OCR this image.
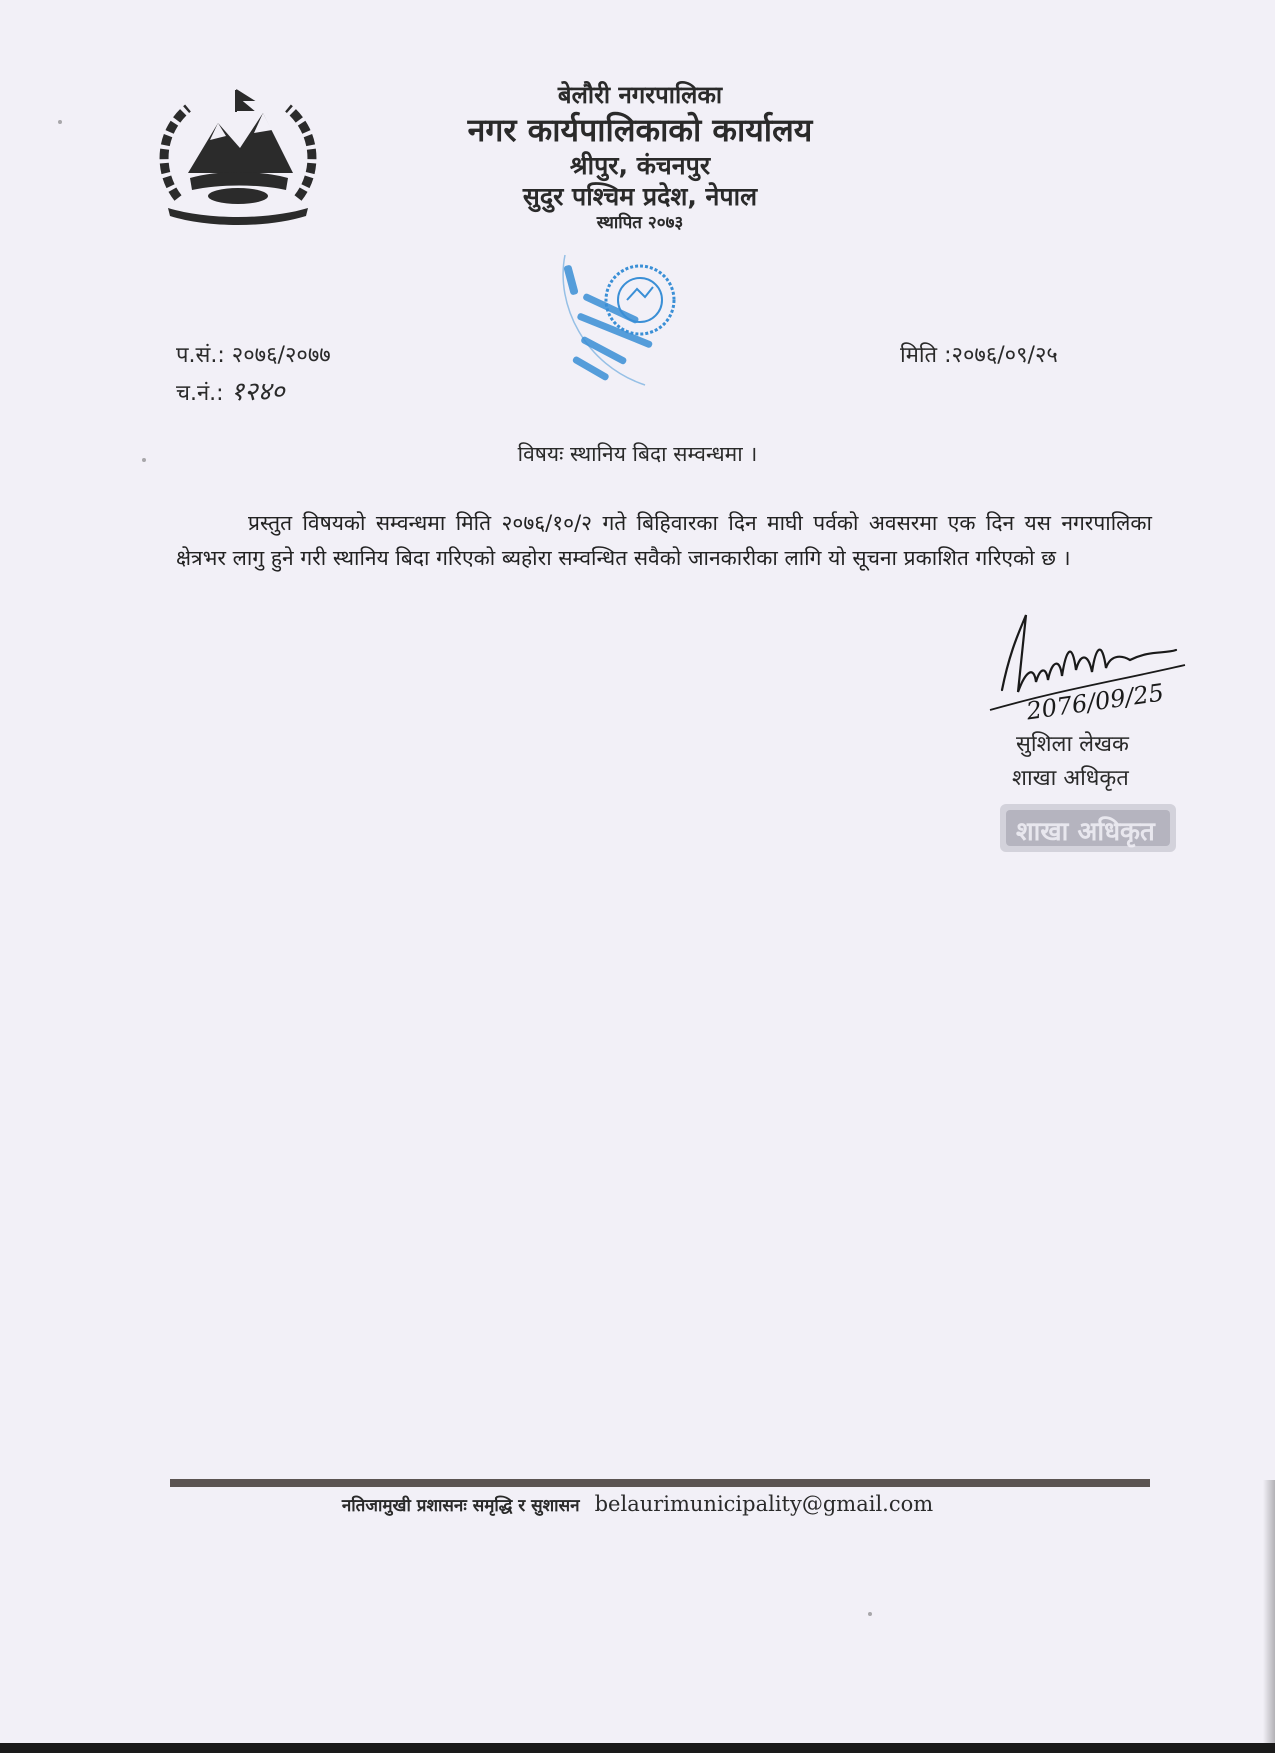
बेलौरी नगरपालिका
नगर कार्यपालिकाको कार्यालय
श्रीपुर, कंचनपुर
सुदुर पश्चिम प्रदेश, नेपाल
स्थापित २०७३
प.सं.: २०७६/२०७७
च.नं.: १२४०
मिति :२०७६/०९/२५
विषयः स्थानिय बिदा सम्वन्धमा ।
प्रस्तुत विषयको सम्वन्धमा मिति २०७६/१०/२ गते बिहिवारका दिन माघी पर्वको अवसरमा एक दिन यस नगरपालिका क्षेत्रभर लागु हुने गरी स्थानिय बिदा गरिएको ब्यहोरा सम्वन्धित सवैको जानकारीका लागि यो सूचना प्रकाशित गरिएको छ ।
2076/09/25
सुशिला लेखक
शाखा अधिकृत
शाखा अधिकृत
नतिजामुखी प्रशासनः समृद्धि र सुशासन belaurimunicipality@gmail.com
